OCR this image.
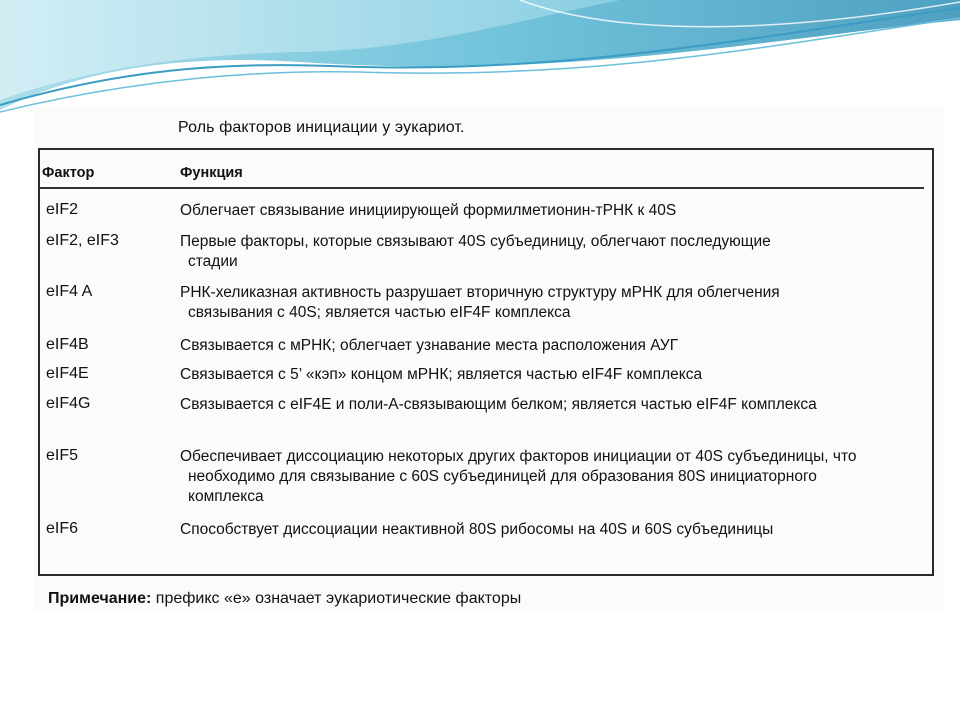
Роль факторов инициации у эукариот.
Фактор	Функция
eIF2	Облегчает связывание инициирующей формилметионин-тРНК к 40S
eIF2, eIF3	Первые факторы, которые связывают 40S субъединицу, облегчают последующие стадии
eIF4 A	РНК-хеликазная активность разрушает вторичную структуру мРНК для облегчения связывания с 40S; является частью eIF4F комплекса
eIF4B	Связывается с мРНК; облегчает узнавание места расположения АУГ
eIF4E	Связывается с 5’ «кэп» концом мРНК; является частью eIF4F комплекса
eIF4G	Связывается с eIF4E и поли-А-связывающим белком; является частью eIF4F комплекса
eIF5	Обеспечивает диссоциацию некоторых других факторов инициации от 40S субъединицы, что необходимо для связывание с 60S субъединицей для образования 80S инициаторного комплекса
eIF6	Способствует диссоциации неактивной 80S рибосомы на 40S и 60S субъединицы
Примечание: префикс «е» означает эукариотические факторы
